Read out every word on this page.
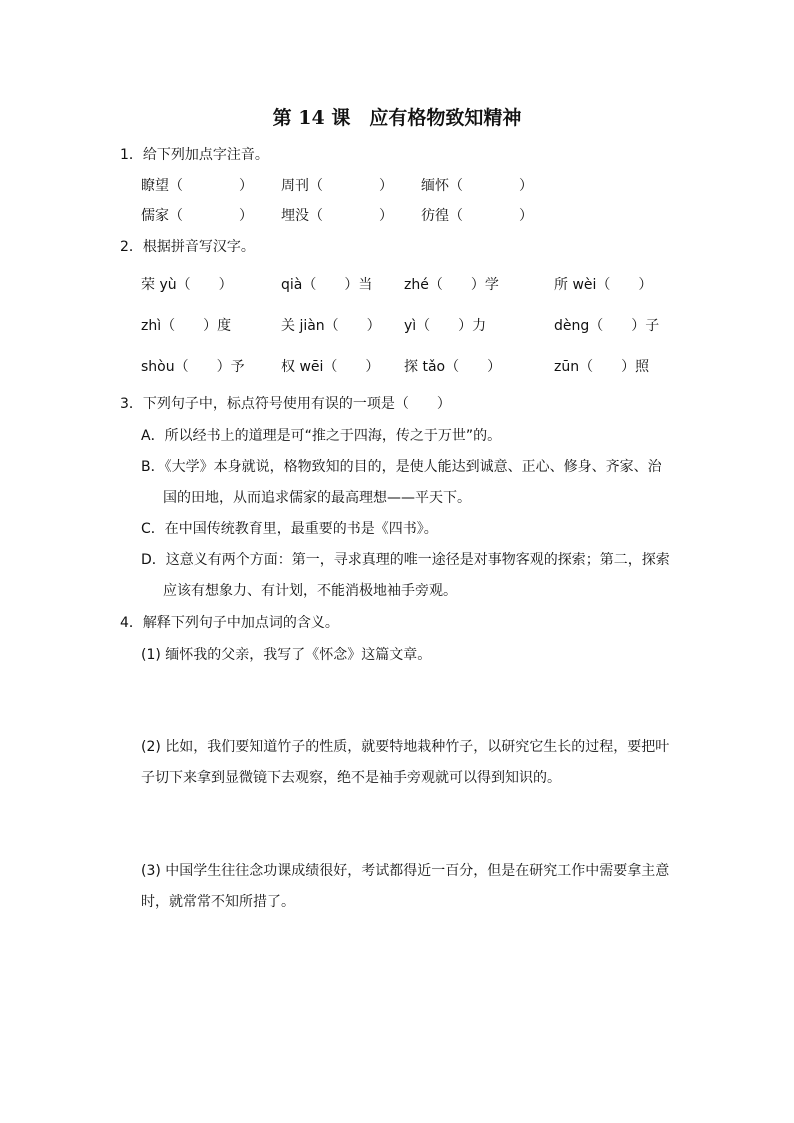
第 14 课　应有格物致知精神
1．给下列加点字注音。
瞭望（　　　　） 周刊（　　　　） 缅怀（　　　　）
儒家（　　　　） 埋没（　　　　） 彷徨（　　　　）
2．根据拼音写汉字。
荣 yù（　　）	qià（　　）当 zhé（　　）学	所 wèi（　　）
zhì（　　）度	关 jiàn（　　） yì（　　）力	dèng（　　）子
shòu（　　）予	权 wēi（　　） 探 tǎo（　　）	zūn（　　）照
3．下列句子中，标点符号使用有误的一项是（　　）
A．所以经书上的道理是可“推之于四海，传之于万世”的。
B．《大学》本身就说，格物致知的目的，是使人能达到诚意、正心、修身、齐家、治
国的田地，从而追求儒家的最高理想——平天下。
C．在中国传统教育里，最重要的书是《四书》。
D．这意义有两个方面：第一，寻求真理的唯一途径是对事物客观的探索；第二，探索
应该有想象力、有计划，不能消极地袖手旁观。
4．解释下列句子中加点词的含义。
(1) 缅怀我的父亲，我写了《怀念》这篇文章。
(2) 比如，我们要知道竹子的性质，就要特地栽种竹子，以研究它生长的过程，要把叶
子切下来拿到显微镜下去观察，绝不是袖手旁观就可以得到知识的。
(3) 中国学生往往念功课成绩很好，考试都得近一百分，但是在研究工作中需要拿主意
时，就常常不知所措了。
